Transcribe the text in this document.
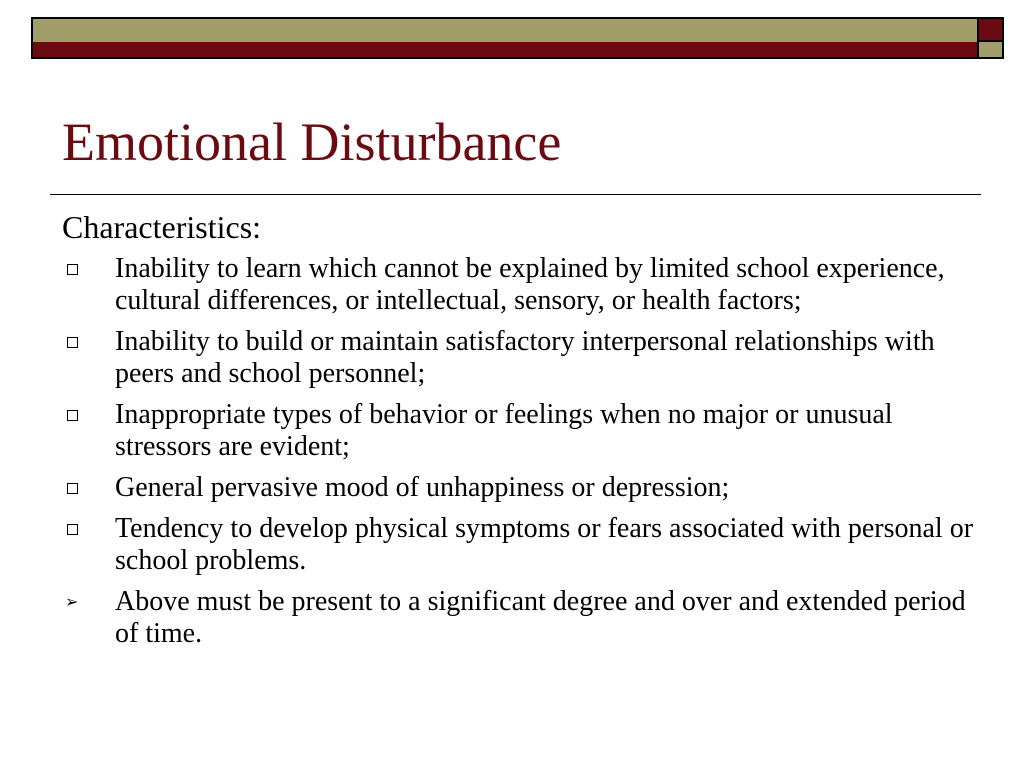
Emotional Disturbance
Characteristics:
Inability to learn which cannot be explained by limited school experience, cultural differences, or intellectual, sensory, or health factors;
Inability to build or maintain satisfactory interpersonal relationships with peers and school personnel;
Inappropriate types of behavior or feelings when no major or unusual stressors are evident;
General pervasive mood of unhappiness or depression;
Tendency to develop physical symptoms or fears associated with personal or school problems.
➢ Above must be present to a significant degree and over and extended period of time.
